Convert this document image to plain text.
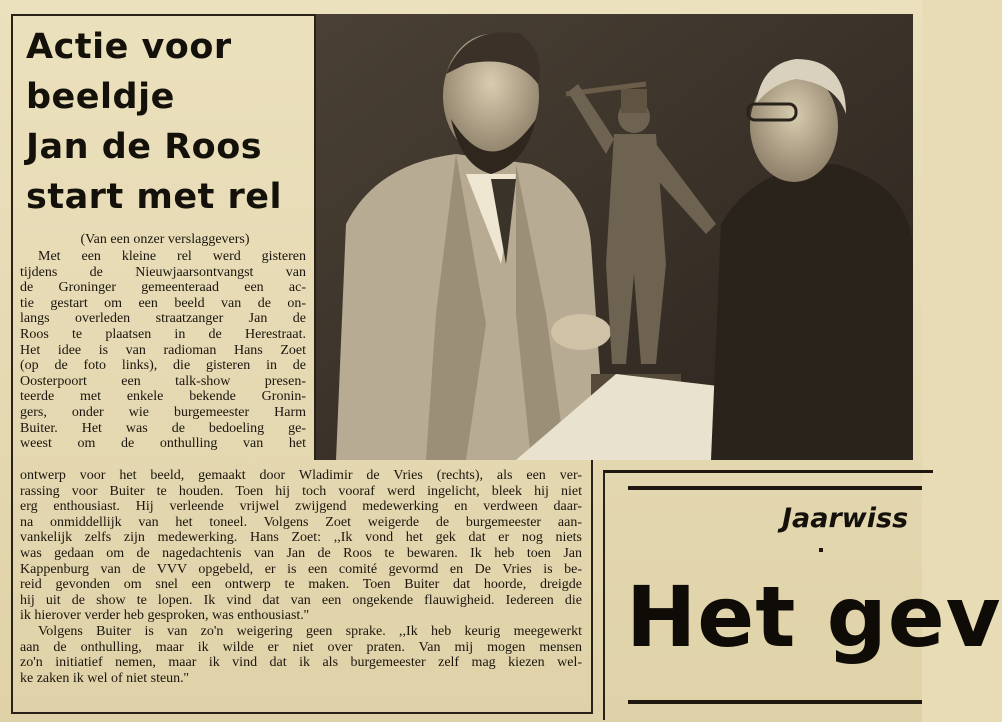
Actie voor
beeldje
Jan de Roos
start met rel
(Van een onzer verslaggevers)
Met een kleine rel werd gisteren
tijdens de Nieuwjaarsontvangst van
de Groninger gemeenteraad een ac-
tie gestart om een beeld van de on-
langs overleden straatzanger Jan de
Roos te plaatsen in de Herestraat.
Het idee is van radioman Hans Zoet
(op de foto links), die gisteren in de
Oosterpoort een talk-show presen-
teerde met enkele bekende Gronin-
gers, onder wie burgemeester Harm
Buiter. Het was de bedoeling ge-
weest om de onthulling van het
ontwerp voor het beeld, gemaakt door Wladimir de Vries (rechts), als een ver-
rassing voor Buiter te houden. Toen hij toch vooraf werd ingelicht, bleek hij niet
erg enthousiast. Hij verleende vrijwel zwijgend medewerking en verdween daar-
na onmiddellijk van het toneel. Volgens Zoet weigerde de burgemeester aan-
vankelijk zelfs zijn medewerking. Hans Zoet: ,,Ik vond het gek dat er nog niets
was gedaan om de nagedachtenis van Jan de Roos te bewaren. Ik heb toen Jan
Kappenburg van de VVV opgebeld, er is een comité gevormd en De Vries is be-
reid gevonden om snel een ontwerp te maken. Toen Buiter dat hoorde, dreigde
hij uit de show te lopen. Ik vind dat van een ongekende flauwigheid. Iedereen die
ik hierover verder heb gesproken, was enthousiast.''
Volgens Buiter is van zo'n weigering geen sprake. ,,Ik heb keurig meegewerkt
aan de onthulling, maar ik wilde er niet over praten. Van mij mogen mensen
zo'n initiatief nemen, maar ik vind dat ik als burgemeester zelf mag kiezen wel-
ke zaken ik wel of niet steun.''
Jaarwiss
Het gev
